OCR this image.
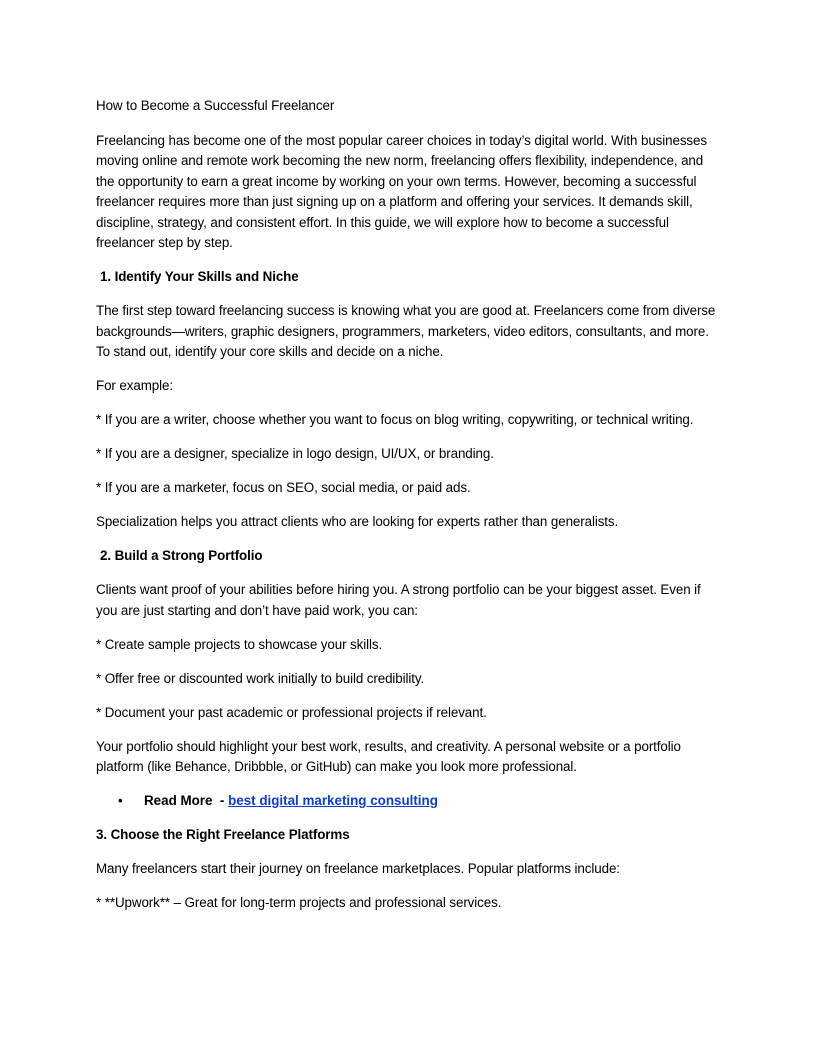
How to Become a Successful Freelancer

Freelancing has become one of the most popular career choices in today’s digital world. With businesses moving online and remote work becoming the new norm, freelancing offers flexibility, independence, and the opportunity to earn a great income by working on your own terms. However, becoming a successful freelancer requires more than just signing up on a platform and offering your services. It demands skill, discipline, strategy, and consistent effort. In this guide, we will explore how to become a successful freelancer step by step.

1. Identify Your Skills and Niche

The first step toward freelancing success is knowing what you are good at. Freelancers come from diverse backgrounds—writers, graphic designers, programmers, marketers, video editors, consultants, and more. To stand out, identify your core skills and decide on a niche.

For example:

* If you are a writer, choose whether you want to focus on blog writing, copywriting, or technical writing.

* If you are a designer, specialize in logo design, UI/UX, or branding.

* If you are a marketer, focus on SEO, social media, or paid ads.

Specialization helps you attract clients who are looking for experts rather than generalists.

2. Build a Strong Portfolio

Clients want proof of your abilities before hiring you. A strong portfolio can be your biggest asset. Even if you are just starting and don’t have paid work, you can:

* Create sample projects to showcase your skills.

* Offer free or discounted work initially to build credibility.

* Document your past academic or professional projects if relevant.

Your portfolio should highlight your best work, results, and creativity. A personal website or a portfolio platform (like Behance, Dribbble, or GitHub) can make you look more professional.

• Read More  - best digital marketing consulting

3. Choose the Right Freelance Platforms

Many freelancers start their journey on freelance marketplaces. Popular platforms include:

* **Upwork** – Great for long-term projects and professional services.
